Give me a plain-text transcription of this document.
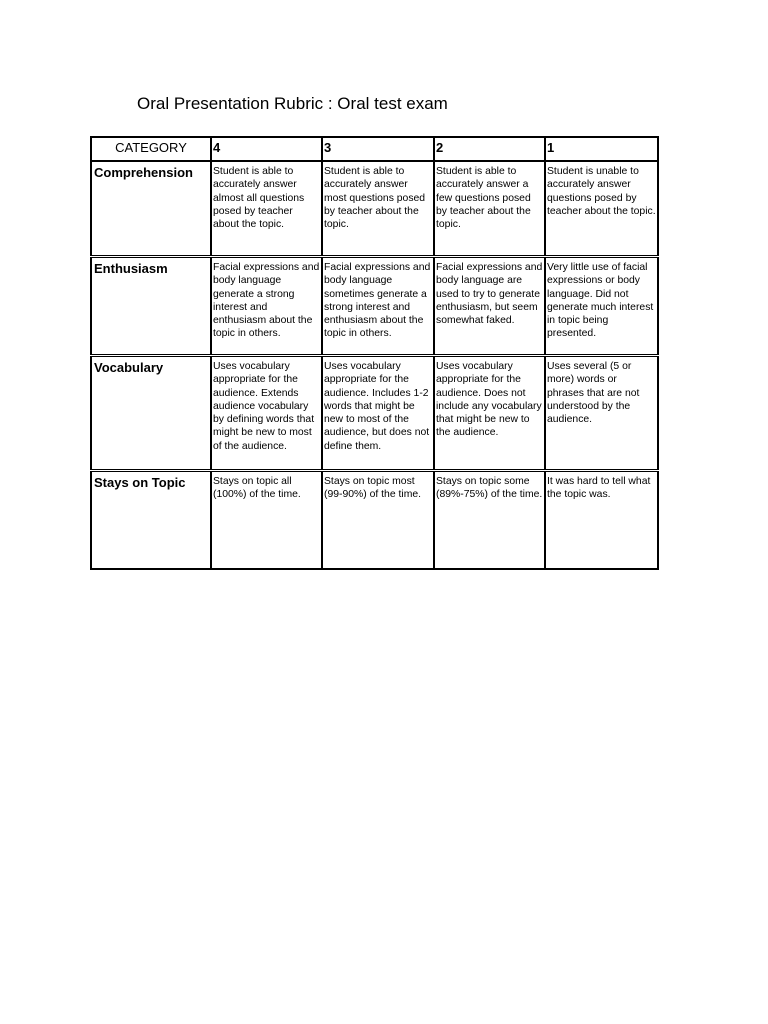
Oral Presentation Rubric : Oral test exam
CATEGORY	4	3	2	1
Comprehension	Student is able to accurately answer almost all questions posed by teacher about the topic.	Student is able to accurately answer most questions posed by teacher about the topic.	Student is able to accurately answer a few questions posed by teacher about the topic.	Student is unable to accurately answer questions posed by teacher about the topic.
Enthusiasm	Facial expressions and body language generate a strong interest and enthusiasm about the topic in others.	Facial expressions and body language sometimes generate a strong interest and enthusiasm about the topic in others.	Facial expressions and body language are used to try to generate enthusiasm, but seem somewhat faked.	Very little use of facial expressions or body language. Did not generate much interest in topic being presented.
Vocabulary	Uses vocabulary appropriate for the audience. Extends audience vocabulary by defining words that might be new to most of the audience.	Uses vocabulary appropriate for the audience. Includes 1-2 words that might be new to most of the audience, but does not define them.	Uses vocabulary appropriate for the audience. Does not include any vocabulary that might be new to the audience.	Uses several (5 or more) words or phrases that are not understood by the audience.
Stays on Topic	Stays on topic all (100%) of the time.	Stays on topic most (99-90%) of the time.	Stays on topic some (89%-75%) of the time.	It was hard to tell what the topic was.
